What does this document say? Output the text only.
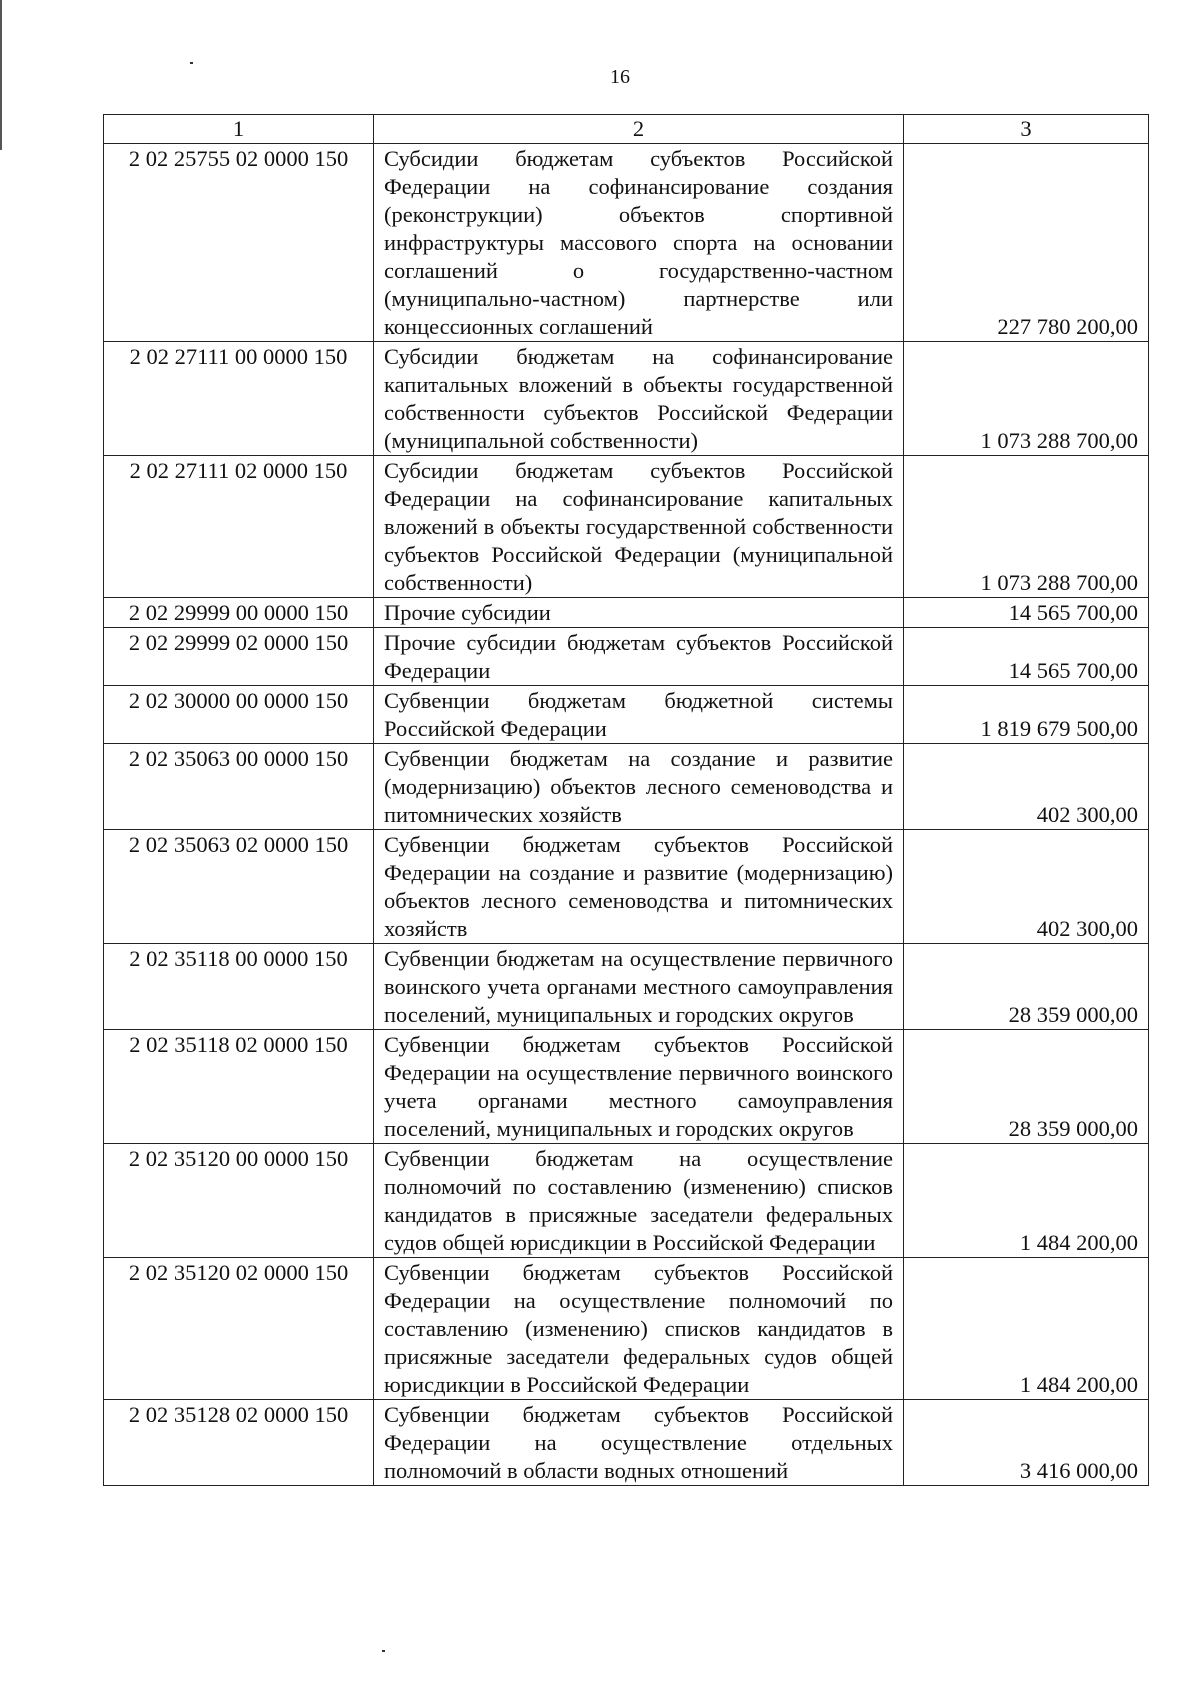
16
1	2	3
2 02 25755 02 0000 150	Субсидии бюджетам субъектов Российской Федерации на софинансирование создания (реконструкции) объектов спортивной инфраструктуры массового спорта на основании соглашений о государственно-частном (муниципально-частном) партнерстве или концессионных соглашений	227 780 200,00

2 02 27111 00 0000 150	Субсидии бюджетам на софинансирование капитальных вложений в объекты государственной собственности субъектов Российской Федерации (муниципальной собственности)	1 073 288 700,00

2 02 27111 02 0000 150	Субсидии бюджетам субъектов Российской Федерации на софинансирование капитальных вложений в объекты государственной собственности субъектов Российской Федерации (муниципальной собственности)	1 073 288 700,00

2 02 29999 00 0000 150	Прочие субсидии	14 565 700,00

2 02 29999 02 0000 150	Прочие субсидии бюджетам субъектов Российской Федерации	14 565 700,00

2 02 30000 00 0000 150	Субвенции бюджетам бюджетной системы Российской Федерации	1 819 679 500,00

2 02 35063 00 0000 150	Субвенции бюджетам на создание и развитие (модернизацию) объектов лесного семеноводства и питомнических хозяйств	402 300,00

2 02 35063 02 0000 150	Субвенции бюджетам субъектов Российской Федерации на создание и развитие (модернизацию) объектов лесного семеноводства и питомнических хозяйств	402 300,00

2 02 35118 00 0000 150	Субвенции бюджетам на осуществление первичного воинского учета органами местного самоуправления поселений, муниципальных и городских округов	28 359 000,00

2 02 35118 02 0000 150	Субвенции бюджетам субъектов Российской Федерации на осуществление первичного воинского учета органами местного самоуправления поселений, муниципальных и городских округов	28 359 000,00

2 02 35120 00 0000 150	Субвенции бюджетам на осуществление полномочий по составлению (изменению) списков кандидатов в присяжные заседатели федеральных судов общей юрисдикции в Российской Федерации	1 484 200,00

2 02 35120 02 0000 150	Субвенции бюджетам субъектов Российской Федерации на осуществление полномочий по составлению (изменению) списков кандидатов в присяжные заседатели федеральных судов общей юрисдикции в Российской Федерации	1 484 200,00

2 02 35128 02 0000 150	Субвенции бюджетам субъектов Российской Федерации на осуществление отдельных полномочий в области водных отношений	3 416 000,00
